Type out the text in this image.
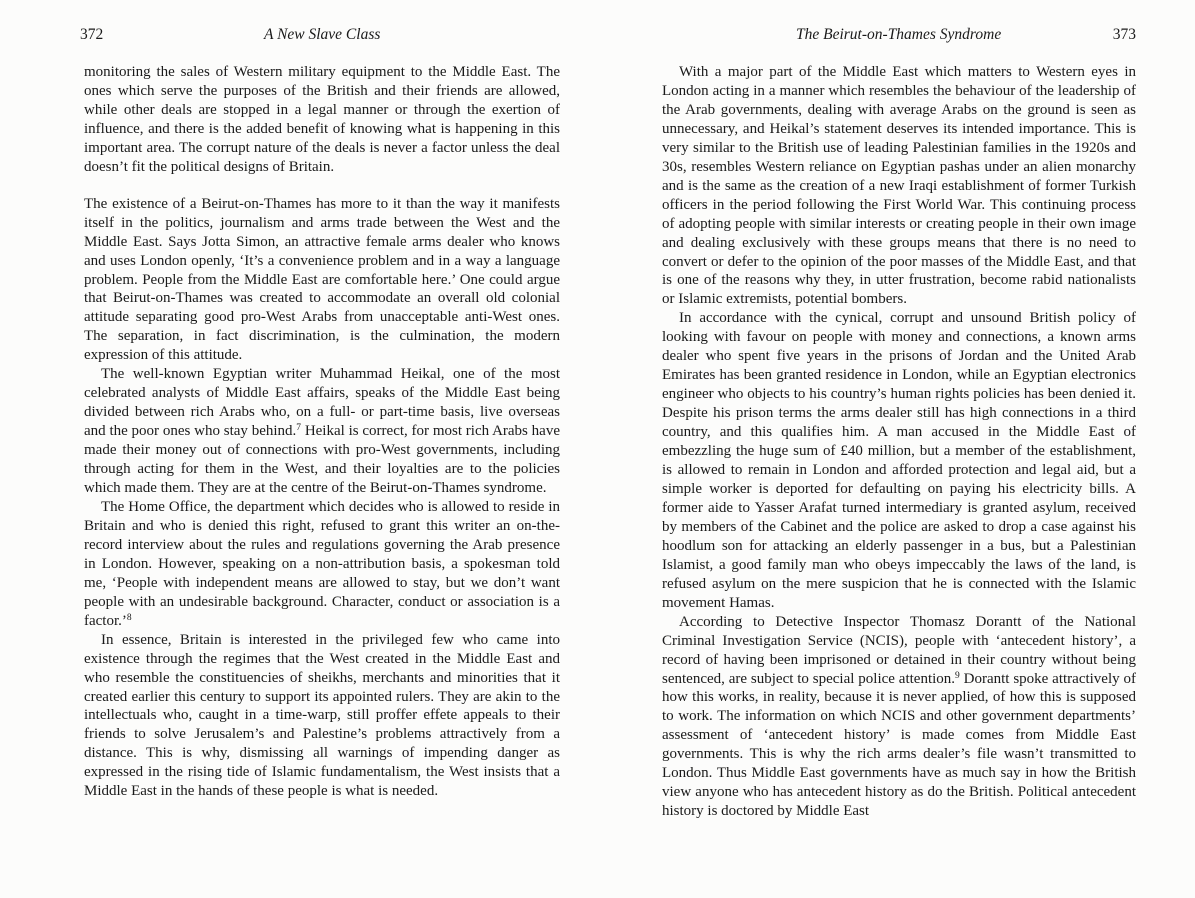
372	A New Slave Class

monitoring the sales of Western military equipment to the Middle East. The ones which serve the purposes of the British and their friends are allowed, while other deals are stopped in a legal manner or through the exertion of influence, and there is the added benefit of knowing what is happening in this important area. The corrupt nature of the deals is never a factor unless the deal doesn’t fit the political designs of Britain.

The existence of a Beirut-on-Thames has more to it than the way it manifests itself in the politics, journalism and arms trade between the West and the Middle East. Says Jotta Simon, an attractive female arms dealer who knows and uses London openly, ‘It’s a convenience problem and in a way a language problem. People from the Middle East are comfortable here.’ One could argue that Beirut-on-Thames was created to accommodate an overall old colonial attitude separating good pro-West Arabs from unacceptable anti-West ones. The separation, in fact discrimination, is the culmination, the modern expression of this attitude.

The well-known Egyptian writer Muhammad Heikal, one of the most celebrated analysts of Middle East affairs, speaks of the Middle East being divided between rich Arabs who, on a full- or part-time basis, live overseas and the poor ones who stay behind.$^7$ Heikal is correct, for most rich Arabs have made their money out of connections with pro-West governments, including through acting for them in the West, and their loyalties are to the policies which made them. They are at the centre of the Beirut-on-Thames syndrome.

The Home Office, the department which decides who is allowed to reside in Britain and who is denied this right, refused to grant this writer an on-the-record interview about the rules and regulations governing the Arab presence in London. However, speaking on a non-attribution basis, a spokesman told me, ‘People with independent means are allowed to stay, but we don’t want people with an undesirable background. Character, conduct or association is a factor.’$^8$

In essence, Britain is interested in the privileged few who came into existence through the regimes that the West created in the Middle East and who resemble the constituencies of sheikhs, merchants and minorities that it created earlier this century to support its appointed rulers. They are akin to the intellectuals who, caught in a time-warp, still proffer effete appeals to their friends to solve Jerusalem’s and Palestine’s problems attractively from a distance. This is why, dismissing all warnings of impending danger as expressed in the rising tide of Islamic fundamentalism, the West insists that a Middle East in the hands of these people is what is needed.

The Beirut-on-Thames Syndrome	373

With a major part of the Middle East which matters to Western eyes in London acting in a manner which resembles the behaviour of the leadership of the Arab governments, dealing with average Arabs on the ground is seen as unnecessary, and Heikal’s statement deserves its intended importance. This is very similar to the British use of leading Palestinian families in the 1920s and 30s, resembles Western reliance on Egyptian pashas under an alien monarchy and is the same as the creation of a new Iraqi establishment of former Turkish officers in the period following the First World War. This continuing process of adopting people with similar interests or creating people in their own image and dealing exclusively with these groups means that there is no need to convert or defer to the opinion of the poor masses of the Middle East, and that is one of the reasons why they, in utter frustration, become rabid nationalists or Islamic extremists, potential bombers.

In accordance with the cynical, corrupt and unsound British policy of looking with favour on people with money and connections, a known arms dealer who spent five years in the prisons of Jordan and the United Arab Emirates has been granted residence in London, while an Egyptian electronics engineer who objects to his country’s human rights policies has been denied it. Despite his prison terms the arms dealer still has high connections in a third country, and this qualifies him. A man accused in the Middle East of embezzling the huge sum of £40 million, but a member of the establishment, is allowed to remain in London and afforded protection and legal aid, but a simple worker is deported for defaulting on paying his electricity bills. A former aide to Yasser Arafat turned intermediary is granted asylum, received by members of the Cabinet and the police are asked to drop a case against his hoodlum son for attacking an elderly passenger in a bus, but a Palestinian Islamist, a good family man who obeys impeccably the laws of the land, is refused asylum on the mere suspicion that he is connected with the Islamic movement Hamas.

According to Detective Inspector Thomasz Dorantt of the National Criminal Investigation Service (NCIS), people with ‘antecedent history’, a record of having been imprisoned or detained in their country without being sentenced, are subject to special police attention.$^9$ Dorantt spoke attractively of how this works, in reality, because it is never applied, of how this is supposed to work. The information on which NCIS and other government departments’ assessment of ‘antecedent history’ is made comes from Middle East governments. This is why the rich arms dealer’s file wasn’t transmitted to London. Thus Middle East governments have as much say in how the British view anyone who has antecedent history as do the British. Political antecedent history is doctored by Middle East
